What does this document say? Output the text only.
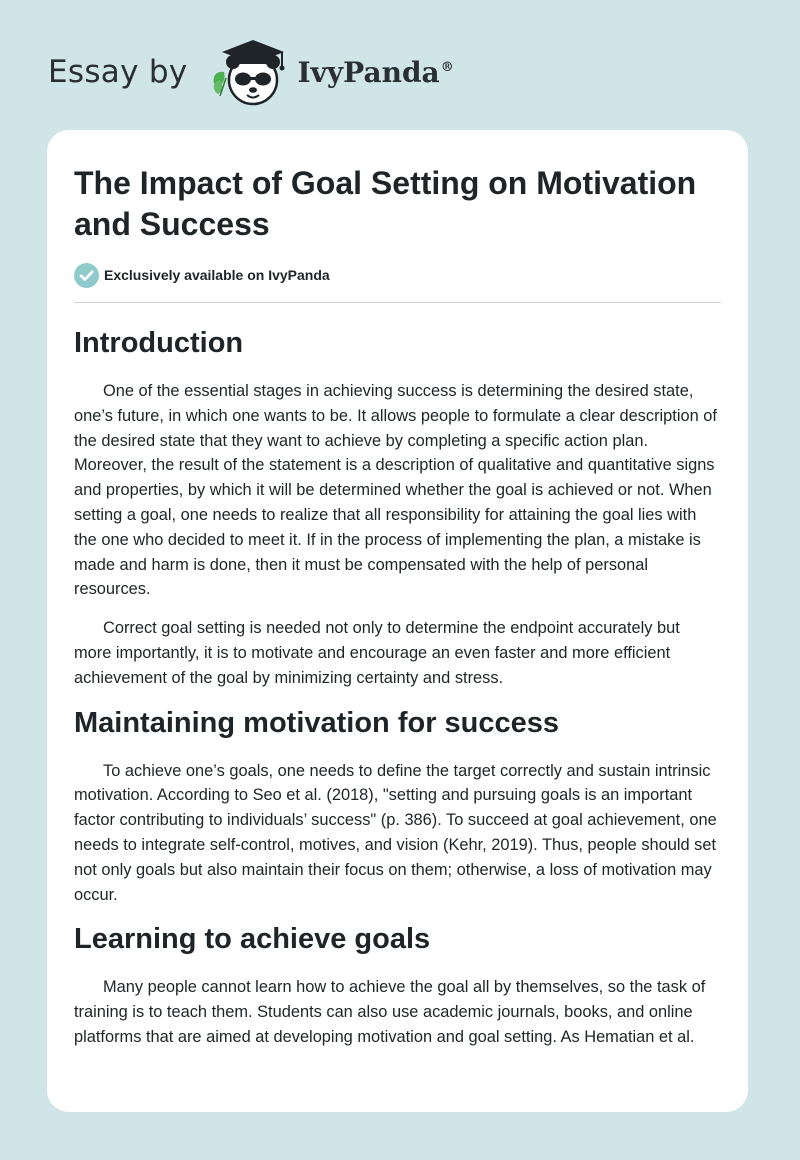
Essay by	IvyPanda®
The Impact of Goal Setting on Motivation and Success
Exclusively available on IvyPanda
Introduction

One of the essential stages in achieving success is determining the desired state, one’s future, in which one wants to be. It allows people to formulate a clear description of the desired state that they want to achieve by completing a specific action plan. Moreover, the result of the statement is a description of qualitative and quantitative signs and properties, by which it will be determined whether the goal is achieved or not. When setting a goal, one needs to realize that all responsibility for attaining the goal lies with the one who decided to meet it. If in the process of implementing the plan, a mistake is made and harm is done, then it must be compensated with the help of personal resources.

Correct goal setting is needed not only to determine the endpoint accurately but more importantly, it is to motivate and encourage an even faster and more efficient achievement of the goal by minimizing certainty and stress.

Maintaining motivation for success

To achieve one’s goals, one needs to define the target correctly and sustain intrinsic motivation. According to Seo et al. (2018), "setting and pursuing goals is an important factor contributing to individuals’ success" (p. 386). To succeed at goal achievement, one needs to integrate self-control, motives, and vision (Kehr, 2019). Thus, people should set not only goals but also maintain their focus on them; otherwise, a loss of motivation may occur.

Learning to achieve goals

Many people cannot learn how to achieve the goal all by themselves, so the task of training is to teach them. Students can also use academic journals, books, and online platforms that are aimed at developing motivation and goal setting. As Hematian et al.
